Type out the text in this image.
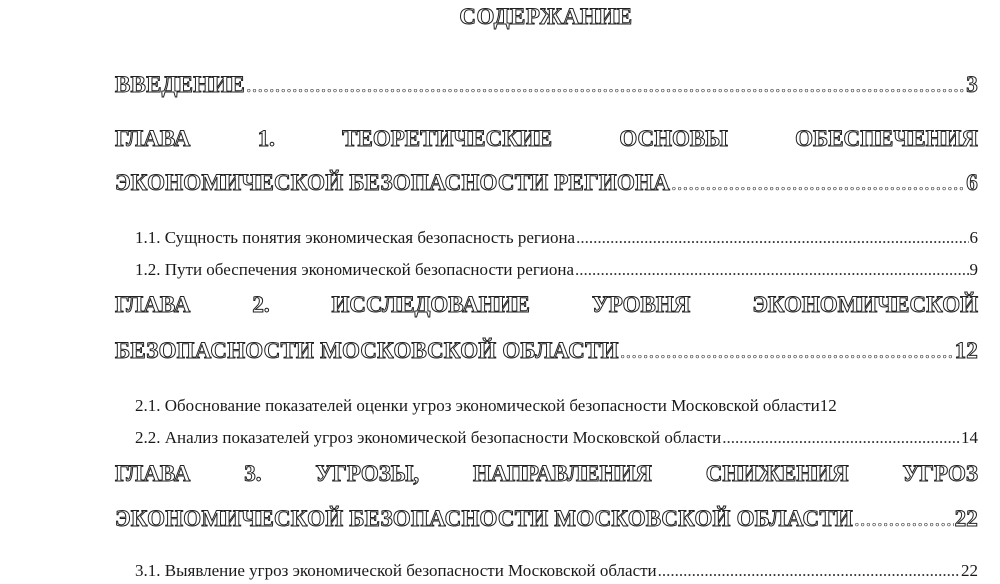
СОДЕРЖАНИЕ
ВВЕДЕНИЕ .....	3
ГЛАВА	1.	ТЕОРЕТИЧЕСКИЕ	ОСНОВЫ	ОБЕСПЕЧЕНИЯ
ЭКОНОМИЧЕСКОЙ БЕЗОПАСНОСТИ РЕГИОНА .....	6
1.1. Сущность понятия экономическая безопасность региона .....	6
1.2. Пути обеспечения экономической безопасности региона .....	9
ГЛАВА	2.	ИССЛЕДОВАНИЕ	УРОВНЯ	ЭКОНОМИЧЕСКОЙ
БЕЗОПАСНОСТИ МОСКОВСКОЙ ОБЛАСТИ .....	12
2.1. Обоснование показателей оценки угроз экономической безопасности Московской области 12
2.2. Анализ показателей угроз экономической безопасности Московской области .....	14
ГЛАВА 3. УГРОЗЫ, НАПРАВЛЕНИЯ СНИЖЕНИЯ УГРОЗ
ЭКОНОМИЧЕСКОЙ БЕЗОПАСНОСТИ МОСКОВСКОЙ ОБЛАСТИ .....	22
3.1. Выявление угроз экономической безопасности Московской области .....	22
